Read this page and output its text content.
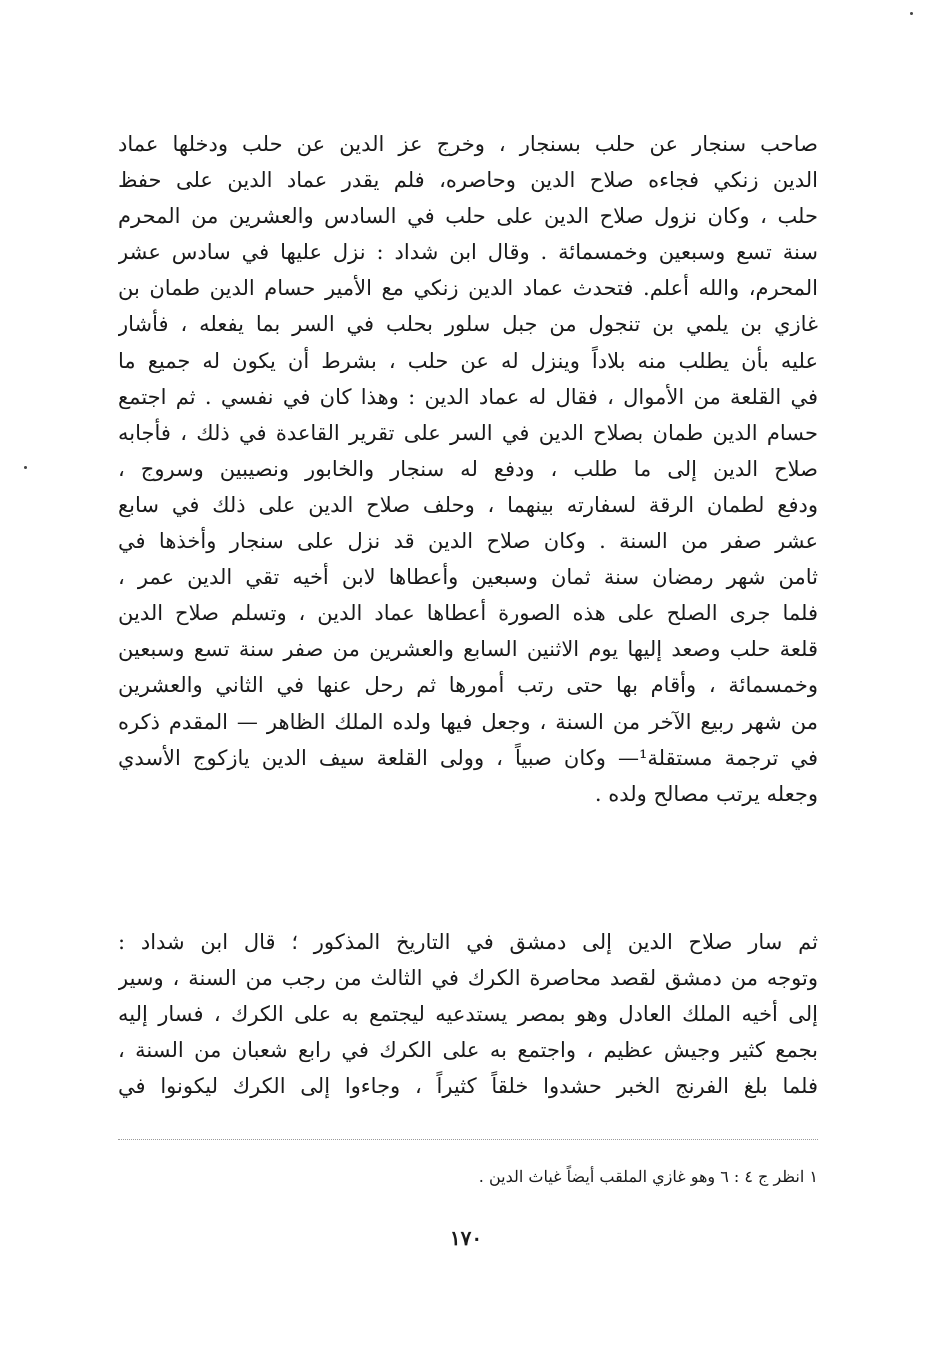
صاحب سنجار عن حلب بسنجار ، وخرج عز الدين عن حلب ودخلها عماد
الدين زنكي فجاءه صلاح الدين وحاصره، فلم يقدر عماد الدين على حفظ
حلب ، وكان نزول صلاح الدين على حلب في السادس والعشرين من المحرم
سنة تسع وسبعين وخمسمائة . وقال ابن شداد : نزل عليها في سادس عشر
المحرم، والله أعلم. فتحدث عماد الدين زنكي مع الأمير حسام الدين طمان بن
غازي بن يلمي بن تنجول من جبل سلور بحلب في السر بما يفعله ، فأشار
عليه بأن يطلب منه بلاداً وينزل له عن حلب ، بشرط أن يكون له جميع ما
في القلعة من الأموال ، فقال له عماد الدين : وهذا كان في نفسي . ثم اجتمع
حسام الدين طمان بصلاح الدين في السر على تقرير القاعدة في ذلك ، فأجابه
صلاح الدين إلى ما طلب ، ودفع له سنجار والخابور ونصيبين وسروج ،
ودفع لطمان الرقة لسفارته بينهما ، وحلف صلاح الدين على ذلك في سابع
عشر صفر من السنة . وكان صلاح الدين قد نزل على سنجار وأخذها في
ثامن شهر رمضان سنة ثمان وسبعين وأعطاها لابن أخيه تقي الدين عمر ،
فلما جرى الصلح على هذه الصورة أعطاها عماد الدين ، وتسلم صلاح الدين
قلعة حلب وصعد إليها يوم الاثنين السابع والعشرين من صفر سنة تسع وسبعين
وخمسمائة ، وأقام بها حتى رتب أمورها ثم رحل عنها في الثاني والعشرين
من شهر ربيع الآخر من السنة ، وجعل فيها ولده الملك الظاهر — المقدم ذكره
في ترجمة مستقلة¹— وكان صبياً ، وولى القلعة سيف الدين يازكوج الأسدي
وجعله يرتب مصالح ولده .
ثم سار صلاح الدين إلى دمشق في التاريخ المذكور ؛ قال ابن شداد :
وتوجه من دمشق لقصد محاصرة الكرك في الثالث من رجب من السنة ، وسير
إلى أخيه الملك العادل وهو بمصر يستدعيه ليجتمع به على الكرك ، فسار إليه
بجمع كثير وجيش عظيم ، واجتمع به على الكرك في رابع شعبان من السنة ،
فلما بلغ الفرنج الخبر حشدوا خلقاً كثيراً ، وجاءوا إلى الكرك ليكونوا في
١ انظر ج ٤ : ٦ وهو غازي الملقب أيضاً غياث الدين .
١٧٠
